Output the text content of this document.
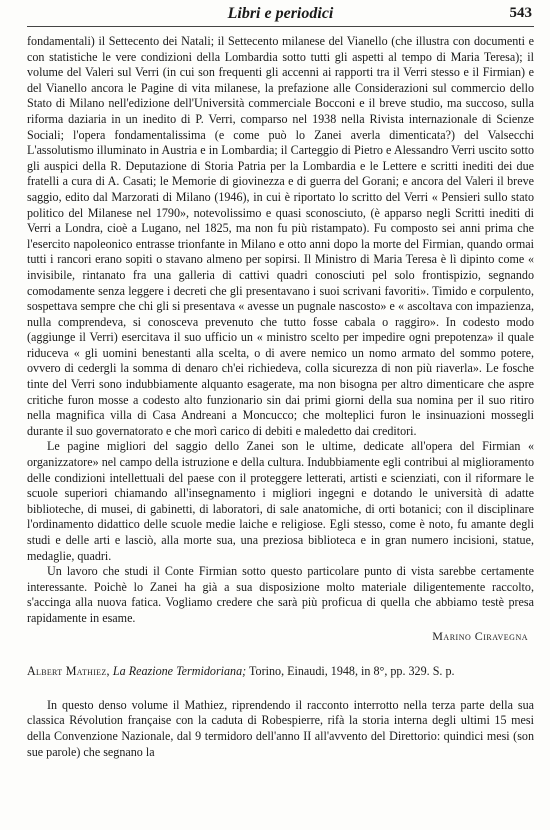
Libri e periodici	543

fondamentali) il Settecento dei Natali; il Settecento milanese del Vianello (che illustra con documenti e con statistiche le vere condizioni della Lombardia sotto tutti gli aspetti al tempo di Maria Teresa); il volume del Valeri sul Verri (in cui son frequenti gli accenni ai rapporti tra il Verri stesso e il Firmian) e del Vianello ancora le Pagine di vita milanese, la prefazione alle Considerazioni sul commercio dello Stato di Milano nell'edizione dell'Università commerciale Bocconi e il breve studio, ma succoso, sulla riforma daziaria in un inedito di P. Verri, comparso nel 1938 nella Rivista internazionale di Scienze Sociali; l'opera fondamentalissima (e come può lo Zanei averla dimenticata?) del Valsecchi L'assolutismo illuminato in Austria e in Lombardia; il Carteggio di Pietro e Alessandro Verri uscito sotto gli auspici della R. Deputazione di Storia Patria per la Lombardia e le Lettere e scritti inediti dei due fratelli a cura di A. Casati; le Memorie di giovinezza e di guerra del Gorani; e ancora del Valeri il breve saggio, edito dal Marzorati di Milano (1946), in cui è riportato lo scritto del Verri « Pensieri sullo stato politico del Milanese nel 1790», notevolissimo e quasi sconosciuto, (è apparso negli Scritti inediti di Verri a Londra, cioè a Lugano, nel 1825, ma non fu più ristampato). Fu composto sei anni prima che l'esercito napoleonico entrasse trionfante in Milano e otto anni dopo la morte del Firmian, quando ormai tutti i rancori erano sopiti o stavano almeno per sopirsi. Il Ministro di Maria Teresa è lì dipinto come « invisibile, rintanato fra una galleria di cattivi quadri conosciuti pel solo frontispizio, segnando comodamente senza leggere i decreti che gli presentavano i suoi scrivani favoriti». Timido e corpulento, sospettava sempre che chi gli si presentava « avesse un pugnale nascosto» e « ascoltava con impazienza, nulla comprendeva, si conosceva prevenuto che tutto fosse cabala o raggiro». In codesto modo (aggiunge il Verri) esercitava il suo ufficio un « ministro scelto per impedire ogni prepotenza» il quale riduceva « gli uomini benestanti alla scelta, o di avere nemico un nomo armato del sommo potere, ovvero di cedergli la somma di denaro ch'ei richiedeva, colla sicurezza di non più riaverla». Le fosche tinte del Verri sono indubbiamente alquanto esagerate, ma non bisogna per altro dimenticare che aspre critiche furon mosse a codesto alto funzionario sin dai primi giorni della sua nomina per il suo ritiro nella magnifica villa di Casa Andreani a Moncucco; che molteplici furon le insinuazioni mossegli durante il suo governatorato e che morì carico di debiti e maledetto dai creditori.

Le pagine migliori del saggio dello Zanei son le ultime, dedicate all'opera del Firmian « organizzatore» nel campo della istruzione e della cultura. Indubbiamente egli contribui al miglioramento delle condizioni intellettuali del paese con il proteggere letterati, artisti e scienziati, con il riformare le scuole superiori chiamando all'insegnamento i migliori ingegni e dotando le università di adatte biblioteche, di musei, di gabinetti, di laboratori, di sale anatomiche, di orti botanici; con il disciplinare l'ordinamento didattico delle scuole medie laiche e religiose. Egli stesso, come è noto, fu amante degli studi e delle arti e lasciò, alla morte sua, una preziosa biblioteca e in gran numero incisioni, statue, medaglie, quadri.

Un lavoro che studi il Conte Firmian sotto questo particolare punto di vista sarebbe certamente interessante. Poichè lo Zanei ha già a sua disposizione molto materiale diligentemente raccolto, s'accinga alla nuova fatica. Vogliamo credere che sarà più proficua di quella che abbiamo testè presa rapidamente in esame.

Marino Ciravegna

Albert Mathiez, La Reazione Termidoriana; Torino, Einaudi, 1948, in 8°, pp. 329. S. p.

In questo denso volume il Mathiez, riprendendo il racconto interrotto nella terza parte della sua classica Révolution française con la caduta di Robespierre, rifà la storia interna degli ultimi 15 mesi della Convenzione Nazionale, dal 9 termidoro dell'anno II all'avvento del Direttorio: quindici mesi (son sue parole) che segnano la
